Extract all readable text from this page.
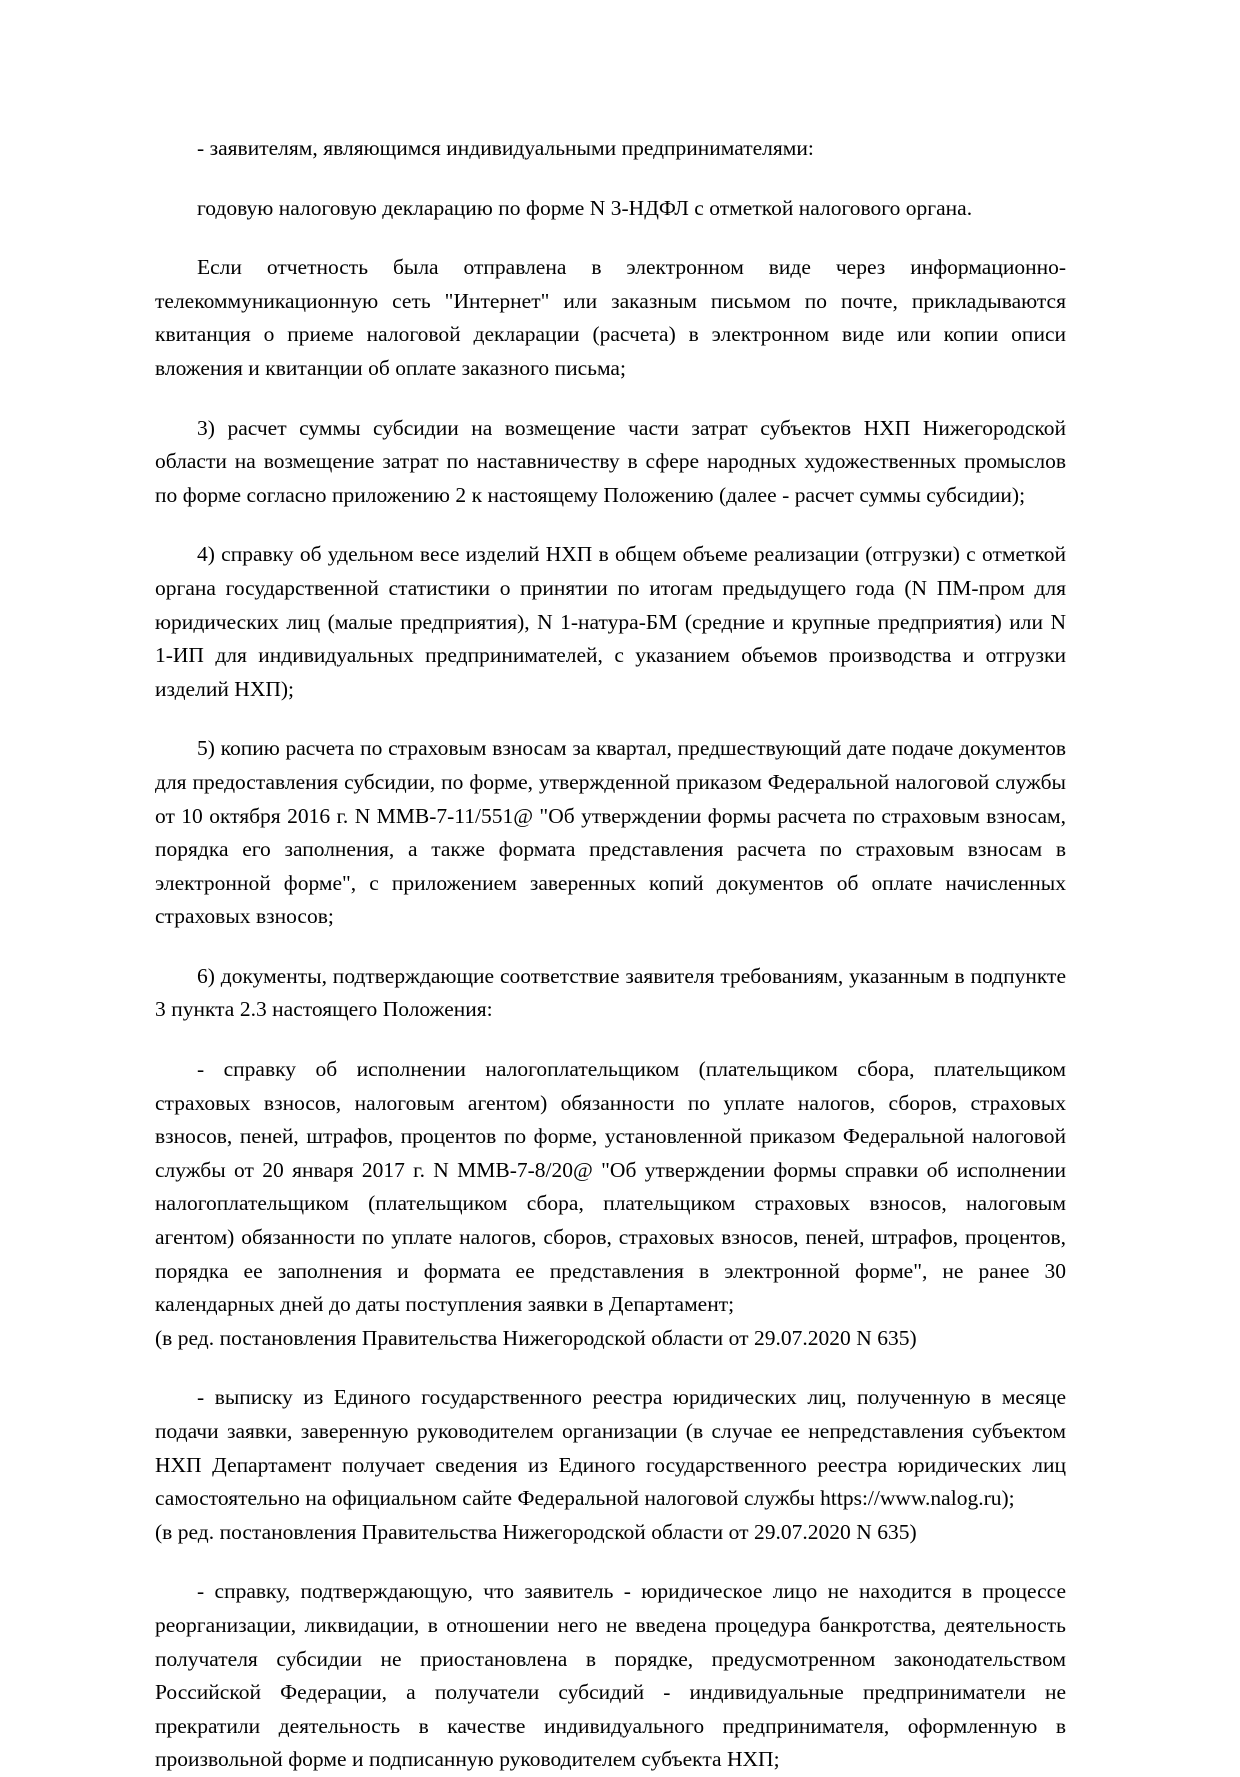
- заявителям, являющимся индивидуальными предпринимателями:

годовую налоговую декларацию по форме N 3-НДФЛ с отметкой налогового органа.

Если отчетность была отправлена в электронном виде через информационно-телекоммуникационную сеть "Интернет" или заказным письмом по почте, прикладываются квитанция о приеме налоговой декларации (расчета) в электронном виде или копии описи вложения и квитанции об оплате заказного письма;

3) расчет суммы субсидии на возмещение части затрат субъектов НХП Нижегородской области на возмещение затрат по наставничеству в сфере народных художественных промыслов по форме согласно приложению 2 к настоящему Положению (далее - расчет суммы субсидии);

4) справку об удельном весе изделий НХП в общем объеме реализации (отгрузки) с отметкой органа государственной статистики о принятии по итогам предыдущего года (N ПМ-пром для юридических лиц (малые предприятия), N 1-натура-БМ (средние и крупные предприятия) или N 1-ИП для индивидуальных предпринимателей, с указанием объемов производства и отгрузки изделий НХП);

5) копию расчета по страховым взносам за квартал, предшествующий дате подаче документов для предоставления субсидии, по форме, утвержденной приказом Федеральной налоговой службы от 10 октября 2016 г. N ММВ-7-11/551@ "Об утверждении формы расчета по страховым взносам, порядка его заполнения, а также формата представления расчета по страховым взносам в электронной форме", с приложением заверенных копий документов об оплате начисленных страховых взносов;

6) документы, подтверждающие соответствие заявителя требованиям, указанным в подпункте 3 пункта 2.3 настоящего Положения:

- справку об исполнении налогоплательщиком (плательщиком сбора, плательщиком страховых взносов, налоговым агентом) обязанности по уплате налогов, сборов, страховых взносов, пеней, штрафов, процентов по форме, установленной приказом Федеральной налоговой службы от 20 января 2017 г. N ММВ-7-8/20@ "Об утверждении формы справки об исполнении налогоплательщиком (плательщиком сбора, плательщиком страховых взносов, налоговым агентом) обязанности по уплате налогов, сборов, страховых взносов, пеней, штрафов, процентов, порядка ее заполнения и формата ее представления в электронной форме", не ранее 30 календарных дней до даты поступления заявки в Департамент;

(в ред. постановления Правительства Нижегородской области от 29.07.2020 N 635)

- выписку из Единого государственного реестра юридических лиц, полученную в месяце подачи заявки, заверенную руководителем организации (в случае ее непредставления субъектом НХП Департамент получает сведения из Единого государственного реестра юридических лиц самостоятельно на официальном сайте Федеральной налоговой службы https://www.nalog.ru);

(в ред. постановления Правительства Нижегородской области от 29.07.2020 N 635)

- справку, подтверждающую, что заявитель - юридическое лицо не находится в процессе реорганизации, ликвидации, в отношении него не введена процедура банкротства, деятельность получателя субсидии не приостановлена в порядке, предусмотренном законодательством Российской Федерации, а получатели субсидий - индивидуальные предприниматели не прекратили деятельность в качестве индивидуального предпринимателя, оформленную в произвольной форме и подписанную руководителем субъекта НХП;
